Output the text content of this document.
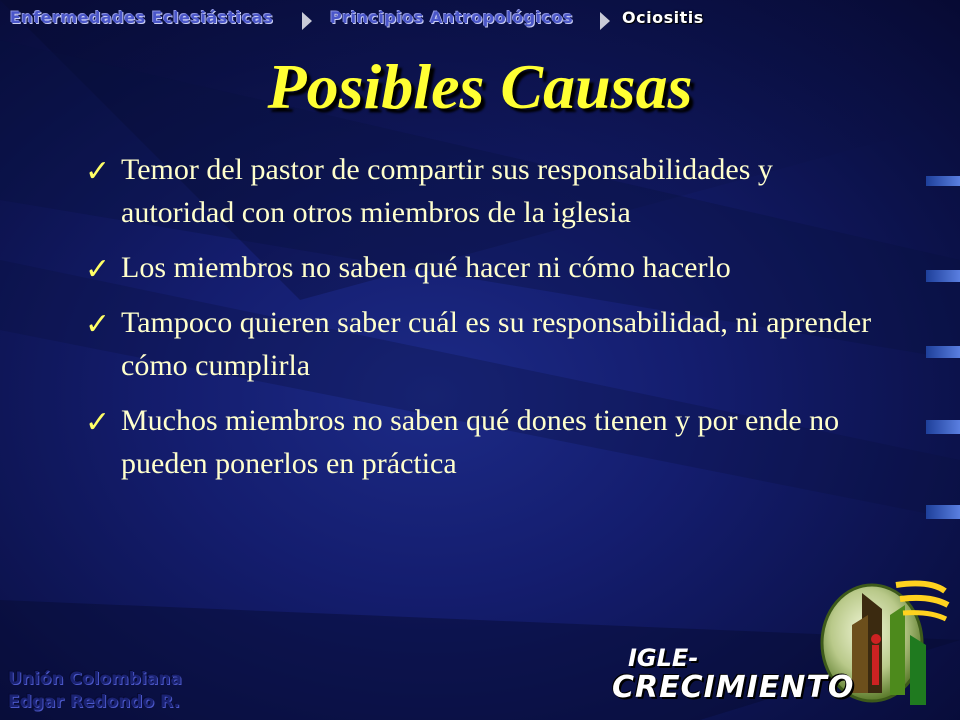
Enfermedades Eclesiásticas	Principios Antropológicos	Ociositis
Posibles Causas
✓ Temor del pastor de compartir sus responsabilidades y autoridad con otros miembros de la iglesia
✓ Los miembros no saben qué hacer ni cómo hacerlo
✓ Tampoco quieren saber cuál es su responsabilidad, ni aprender cómo cumplirla
✓ Muchos miembros no saben qué dones tienen y por ende no pueden ponerlos en práctica
Unión Colombiana
Edgar Redondo R.
IGLE-
CRECIMIENTO
